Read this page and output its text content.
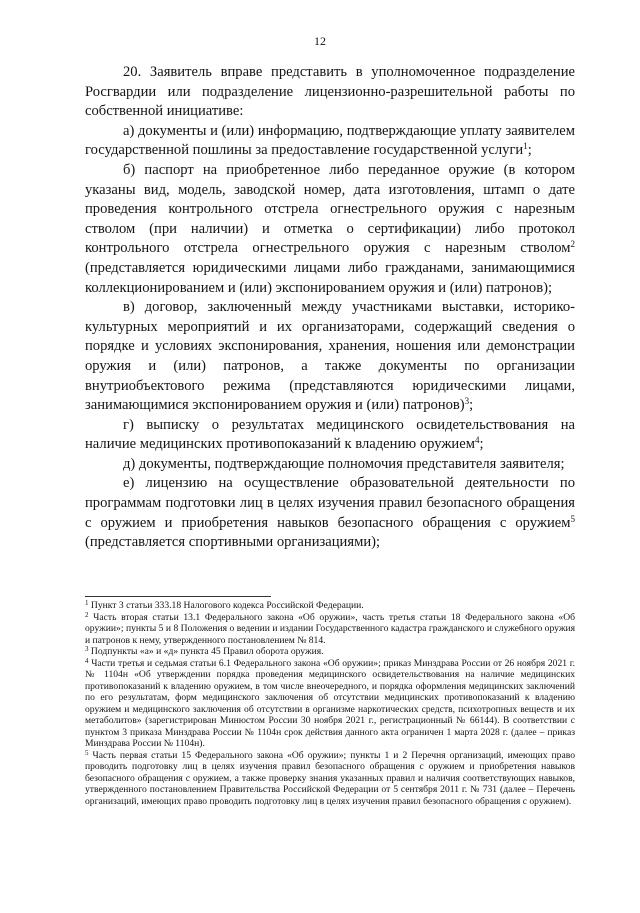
12

20. Заявитель вправе представить в уполномоченное подразделение Росгвардии или подразделение лицензионно-разрешительной работы по собственной инициативе:

а) документы и (или) информацию, подтверждающие уплату заявителем государственной пошлины за предоставление государственной услуги$^1$;

б) паспорт на приобретенное либо переданное оружие (в котором указаны вид, модель, заводской номер, дата изготовления, штамп о дате проведения контрольного отстрела огнестрельного оружия с нарезным стволом (при наличии) и отметка о сертификации) либо протокол контрольного отстрела огнестрельного оружия с нарезным стволом$^2$ (представляется юридическими лицами либо гражданами, занимающимися коллекционированием и (или) экспонированием оружия и (или) патронов);

в) договор, заключенный между участниками выставки, историко-культурных мероприятий и их организаторами, содержащий сведения о порядке и условиях экспонирования, хранения, ношения или демонстрации оружия и (или) патронов, а также документы по организации внутриобъектового режима (представляются юридическими лицами, занимающимися экспонированием оружия и (или) патронов)$^3$;

г) выписку о результатах медицинского освидетельствования на наличие медицинских противопоказаний к владению оружием$^4$;

д) документы, подтверждающие полномочия представителя заявителя;

е) лицензию на осуществление образовательной деятельности по программам подготовки лиц в целях изучения правил безопасного обращения с оружием и приобретения навыков безопасного обращения с оружием$^5$ (представляется спортивными организациями);

$^1$ Пункт 3 статьи 333.18 Налогового кодекса Российской Федерации.

$^2$ Часть вторая статьи 13.1 Федерального закона «Об оружии», часть третья статьи 18 Федерального закона «Об оружии»; пункты 5 и 8 Положения о ведении и издании Государственного кадастра гражданского и служебного оружия и патронов к нему, утвержденного постановлением № 814.

$^3$ Подпункты «а» и «д» пункта 45 Правил оборота оружия.

$^4$ Части третья и седьмая статьи 6.1 Федерального закона «Об оружии»; приказ Минздрава России от 26 ноября 2021 г. № 1104н «Об утверждении порядка проведения медицинского освидетельствования на наличие медицинских противопоказаний к владению оружием, в том числе внеочередного, и порядка оформления медицинских заключений по его результатам, форм медицинского заключения об отсутствии медицинских противопоказаний к владению оружием и медицинского заключения об отсутствии в организме наркотических средств, психотропных веществ и их метаболитов» (зарегистрирован Минюстом России 30 ноября 2021 г., регистрационный № 66144). В соответствии с пунктом 3 приказа Минздрава России № 1104н срок действия данного акта ограничен 1 марта 2028 г. (далее – приказ Минздрава России № 1104н).

$^5$ Часть первая статьи 15 Федерального закона «Об оружии»; пункты 1 и 2 Перечня организаций, имеющих право проводить подготовку лиц в целях изучения правил безопасного обращения с оружием и приобретения навыков безопасного обращения с оружием, а также проверку знания указанных правил и наличия соответствующих навыков, утвержденного постановлением Правительства Российской Федерации от 5 сентября 2011 г. № 731 (далее – Перечень организаций, имеющих право проводить подготовку лиц в целях изучения правил безопасного обращения с оружием).
